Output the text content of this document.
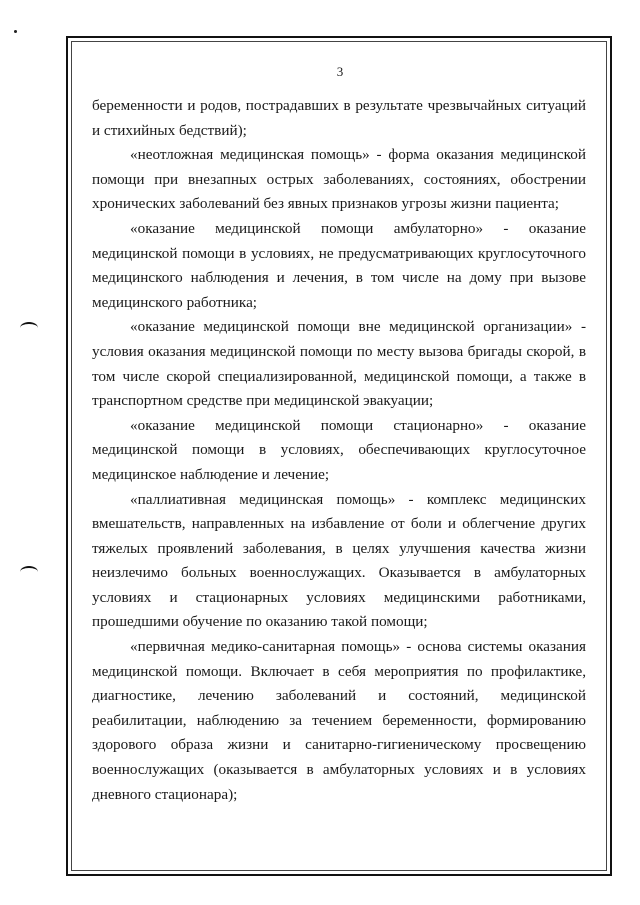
3

беременности и родов, пострадавших в результате чрезвычайных ситуаций и стихийных бедствий);

«неотложная медицинская помощь» - форма оказания медицинской помощи при внезапных острых заболеваниях, состояниях, обострении хронических заболеваний без явных признаков угрозы жизни пациента;

«оказание медицинской помощи амбулаторно» - оказание медицинской помощи в условиях, не предусматривающих круглосуточного медицинского наблюдения и лечения, в том числе на дому при вызове медицинского работника;

«оказание медицинской помощи вне медицинской организации» - условия оказания медицинской помощи по месту вызова бригады скорой, в том числе скорой специализированной, медицинской помощи, а также в транспортном средстве при медицинской эвакуации;

«оказание медицинской помощи стационарно» - оказание медицинской помощи в условиях, обеспечивающих круглосуточное медицинское наблюдение и лечение;

«паллиативная медицинская помощь» - комплекс медицинских вмешательств, направленных на избавление от боли и облегчение других тяжелых проявлений заболевания, в целях улучшения качества жизни неизлечимо больных военнослужащих. Оказывается в амбулаторных условиях и стационарных условиях медицинскими работниками, прошедшими обучение по оказанию такой помощи;

«первичная медико-санитарная помощь» - основа системы оказания медицинской помощи. Включает в себя мероприятия по профилактике, диагностике, лечению заболеваний и состояний, медицинской реабилитации, наблюдению за течением беременности, формированию здорового образа жизни и санитарно-гигиеническому просвещению военнослужащих (оказывается в амбулаторных условиях и в условиях дневного стационара);
